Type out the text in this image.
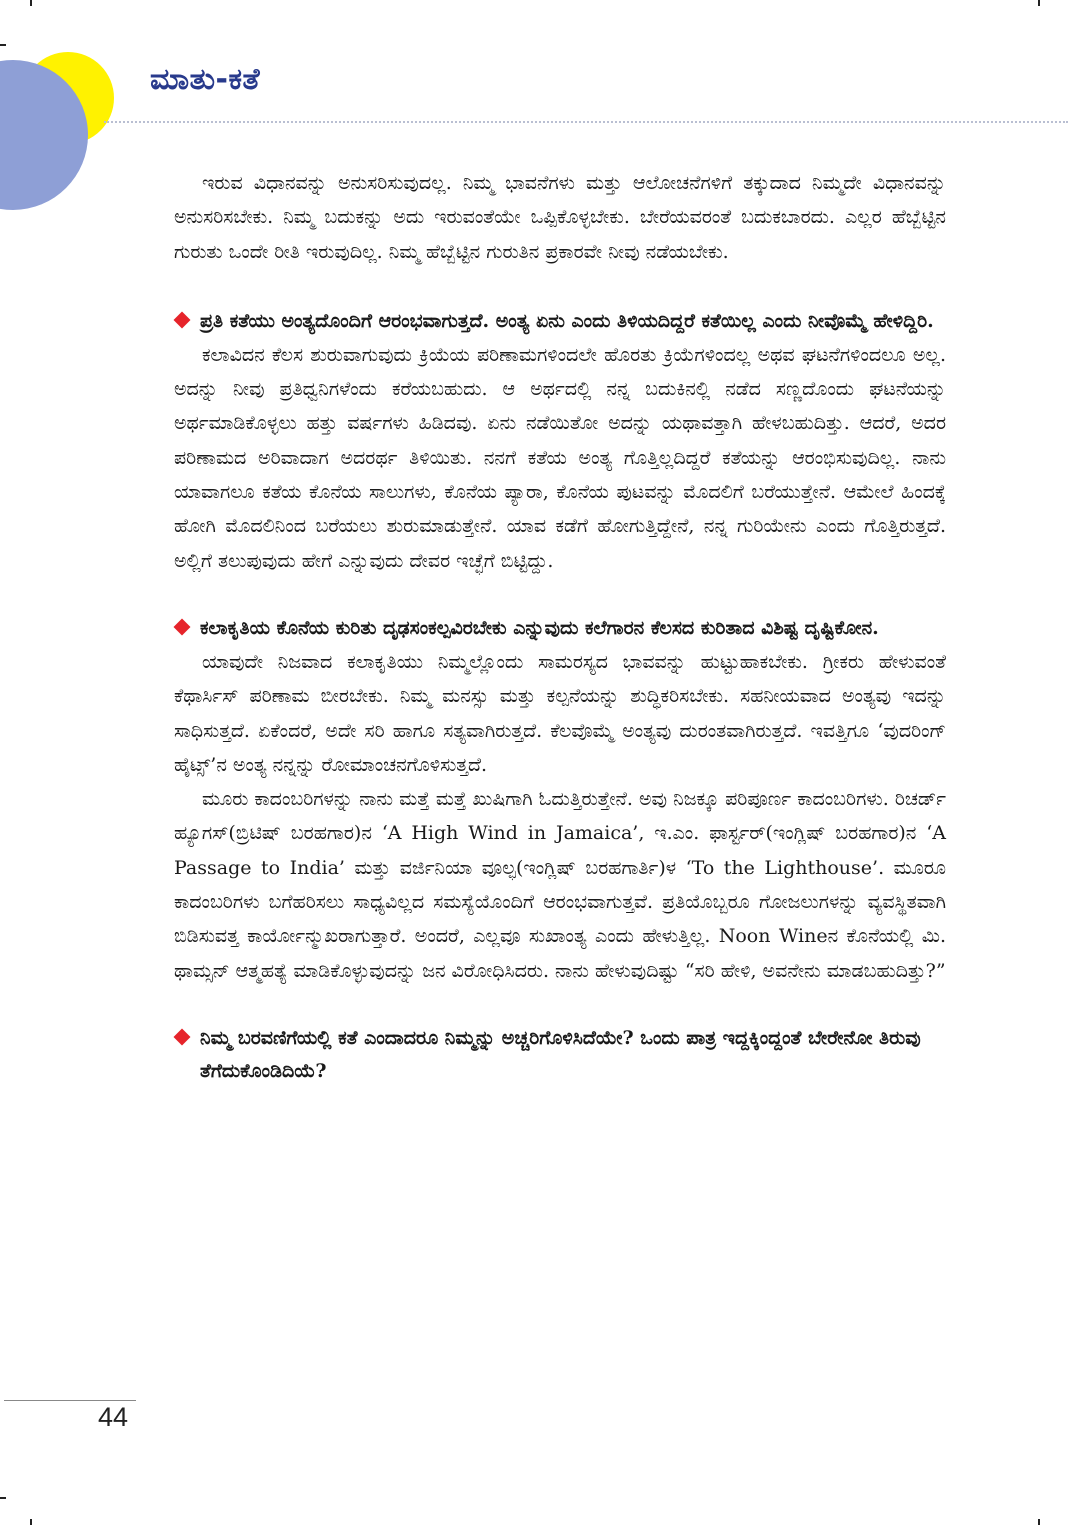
ಮಾತು-ಕತೆ

ಇರುವ ವಿಧಾನವನ್ನು ಅನುಸರಿಸುವುದಲ್ಲ. ನಿಮ್ಮ ಭಾವನೆಗಳು ಮತ್ತು ಆಲೋಚನೆಗಳಿಗೆ ತಕ್ಕುದಾದ ನಿಮ್ಮದೇ ವಿಧಾನವನ್ನು ಅನುಸರಿಸಬೇಕು. ನಿಮ್ಮ ಬದುಕನ್ನು ಅದು ಇರುವಂತೆಯೇ ಒಪ್ಪಿಕೊಳ್ಳಬೇಕು. ಬೇರೆಯವರಂತೆ ಬದುಕಬಾರದು. ಎಲ್ಲರ ಹೆಬ್ಬೆಟ್ಟಿನ ಗುರುತು ಒಂದೇ ರೀತಿ ಇರುವುದಿಲ್ಲ. ನಿಮ್ಮ ಹೆಬ್ಬೆಟ್ಟಿನ ಗುರುತಿನ ಪ್ರಕಾರವೇ ನೀವು ನಡೆಯಬೇಕು.

ಪ್ರತಿ ಕತೆಯು ಅಂತ್ಯದೊಂದಿಗೆ ಆರಂಭವಾಗುತ್ತದೆ. ಅಂತ್ಯ ಏನು ಎಂದು ತಿಳಿಯದಿದ್ದರೆ ಕತೆಯಿಲ್ಲ ಎಂದು ನೀವೊಮ್ಮೆ ಹೇಳಿದ್ದಿರಿ.

ಕಲಾವಿದನ ಕೆಲಸ ಶುರುವಾಗುವುದು ಕ್ರಿಯೆಯ ಪರಿಣಾಮಗಳಿಂದಲೇ ಹೊರತು ಕ್ರಿಯೆಗಳಿಂದಲ್ಲ ಅಥವ ಘಟನೆಗಳಿಂದಲೂ ಅಲ್ಲ. ಅದನ್ನು ನೀವು ಪ್ರತಿಧ್ವನಿಗಳೆಂದು ಕರೆಯಬಹುದು. ಆ ಅರ್ಥದಲ್ಲಿ ನನ್ನ ಬದುಕಿನಲ್ಲಿ ನಡೆದ ಸಣ್ಣದೊಂದು ಘಟನೆಯನ್ನು ಅರ್ಥಮಾಡಿಕೊಳ್ಳಲು ಹತ್ತು ವರ್ಷಗಳು ಹಿಡಿದವು. ಏನು ನಡೆಯಿತೋ ಅದನ್ನು ಯಥಾವತ್ತಾಗಿ ಹೇಳಬಹುದಿತ್ತು. ಆದರೆ, ಅದರ ಪರಿಣಾಮದ ಅರಿವಾದಾಗ ಅದರರ್ಥ ತಿಳಿಯಿತು. ನನಗೆ ಕತೆಯ ಅಂತ್ಯ ಗೊತ್ತಿಲ್ಲದಿದ್ದರೆ ಕತೆಯನ್ನು ಆರಂಭಿಸುವುದಿಲ್ಲ. ನಾನು ಯಾವಾಗಲೂ ಕತೆಯ ಕೊನೆಯ ಸಾಲುಗಳು, ಕೊನೆಯ ಪ್ಯಾರಾ, ಕೊನೆಯ ಪುಟವನ್ನು ಮೊದಲಿಗೆ ಬರೆಯುತ್ತೇನೆ. ಆಮೇಲೆ ಹಿಂದಕ್ಕೆ ಹೋಗಿ ಮೊದಲಿನಿಂದ ಬರೆಯಲು ಶುರುಮಾಡುತ್ತೇನೆ. ಯಾವ ಕಡೆಗೆ ಹೋಗುತ್ತಿದ್ದೇನೆ, ನನ್ನ ಗುರಿಯೇನು ಎಂದು ಗೊತ್ತಿರುತ್ತದೆ. ಅಲ್ಲಿಗೆ ತಲುಪುವುದು ಹೇಗೆ ಎನ್ನುವುದು ದೇವರ ಇಚ್ಛೆಗೆ ಬಿಟ್ಟಿದ್ದು.

ಕಲಾಕೃತಿಯ ಕೊನೆಯ ಕುರಿತು ದೃಢಸಂಕಲ್ಪವಿರಬೇಕು ಎನ್ನುವುದು ಕಲೆಗಾರನ ಕೆಲಸದ ಕುರಿತಾದ ವಿಶಿಷ್ಟ ದೃಷ್ಟಿಕೋನ.

ಯಾವುದೇ ನಿಜವಾದ ಕಲಾಕೃತಿಯು ನಿಮ್ಮಲ್ಲೊಂದು ಸಾಮರಸ್ಯದ ಭಾವವನ್ನು ಹುಟ್ಟುಹಾಕಬೇಕು. ಗ್ರೀಕರು ಹೇಳುವಂತೆ ಕೆಥಾರ್ಸಿಸ್ ಪರಿಣಾಮ ಬೀರಬೇಕು. ನಿಮ್ಮ ಮನಸ್ಸು ಮತ್ತು ಕಲ್ಪನೆಯನ್ನು ಶುದ್ಧಿಕರಿಸಬೇಕು. ಸಹನೀಯವಾದ ಅಂತ್ಯವು ಇದನ್ನು ಸಾಧಿಸುತ್ತದೆ. ಏಕೆಂದರೆ, ಅದೇ ಸರಿ ಹಾಗೂ ಸತ್ಯವಾಗಿರುತ್ತದೆ. ಕೆಲವೊಮ್ಮೆ ಅಂತ್ಯವು ದುರಂತವಾಗಿರುತ್ತದೆ. ಇವತ್ತಿಗೂ ‘ವುದರಿಂಗ್ ಹೈಟ್ಸ್’ನ ಅಂತ್ಯ ನನ್ನನ್ನು ರೋಮಾಂಚನಗೊಳಿಸುತ್ತದೆ.

ಮೂರು ಕಾದಂಬರಿಗಳನ್ನು ನಾನು ಮತ್ತೆ ಮತ್ತೆ ಖುಷಿಗಾಗಿ ಓದುತ್ತಿರುತ್ತೇನೆ. ಅವು ನಿಜಕ್ಕೂ ಪರಿಪೂರ್ಣ ಕಾದಂಬರಿಗಳು. ರಿಚರ್ಡ್ ಹ್ಯೂಗಸ್(ಬ್ರಿಟಿಷ್ ಬರಹಗಾರ)ನ ‘A High Wind in Jamaica’, ಇ.ಎಂ. ಫಾರ್ಸ್ಟರ್(ಇಂಗ್ಲಿಷ್ ಬರಹಗಾರ)ನ ‘A Passage to India’ ಮತ್ತು ವರ್ಜಿನಿಯಾ ವೂಲ್ಫ(ಇಂಗ್ಲಿಷ್ ಬರಹಗಾರ್ತಿ)ಳ ‘To the Lighthouse’. ಮೂರೂ ಕಾದಂಬರಿಗಳು ಬಗೆಹರಿಸಲು ಸಾಧ್ಯವಿಲ್ಲದ ಸಮಸ್ಯೆಯೊಂದಿಗೆ ಆರಂಭವಾಗುತ್ತವೆ. ಪ್ರತಿಯೊಬ್ಬರೂ ಗೋಜಲುಗಳನ್ನು ವ್ಯವಸ್ಥಿತವಾಗಿ ಬಿಡಿಸುವತ್ತ ಕಾರ್ಯೋನ್ಮುಖರಾಗುತ್ತಾರೆ. ಅಂದರೆ, ಎಲ್ಲವೂ ಸುಖಾಂತ್ಯ ಎಂದು ಹೇಳುತ್ತಿಲ್ಲ. Noon Wineನ ಕೊನೆಯಲ್ಲಿ ಮಿ. ಥಾಮ್ಸನ್ ಆತ್ಮಹತ್ಯೆ ಮಾಡಿಕೊಳ್ಳುವುದನ್ನು ಜನ ವಿರೋಧಿಸಿದರು. ನಾನು ಹೇಳುವುದಿಷ್ಟು “ಸರಿ ಹೇಳಿ, ಅವನೇನು ಮಾಡಬಹುದಿತ್ತು?”

ನಿಮ್ಮ ಬರವಣಿಗೆಯಲ್ಲಿ ಕತೆ ಎಂದಾದರೂ ನಿಮ್ಮನ್ನು ಅಚ್ಚರಿಗೊಳಿಸಿದೆಯೇ? ಒಂದು ಪಾತ್ರ ಇದ್ದಕ್ಕಿಂದ್ದಂತೆ ಬೇರೇನೋ ತಿರುವು ತೆಗೆದುಕೊಂಡಿದಿಯೆ?
44
